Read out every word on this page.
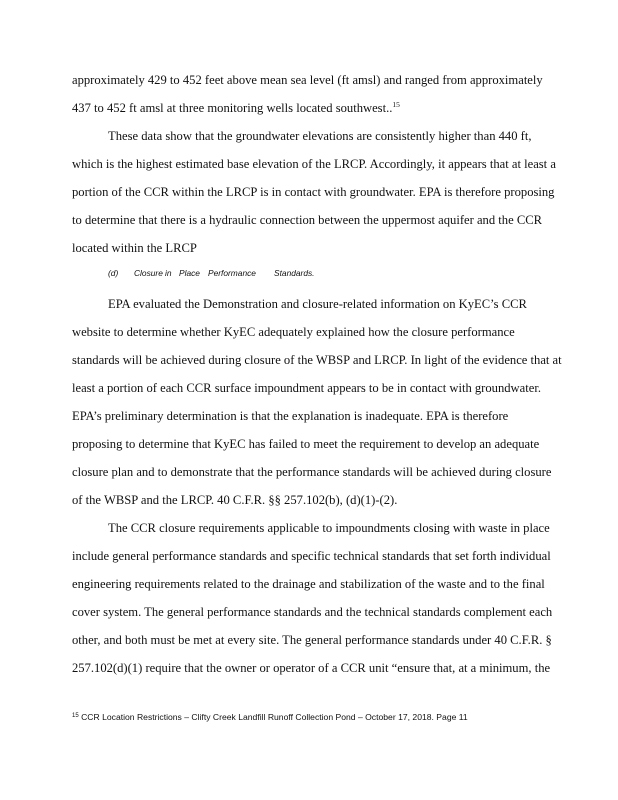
approximately 429 to 452 feet above mean sea level (ft amsl) and ranged from approximately
437 to 452 ft amsl at three monitoring wells located southwest..$^{15}$
These data show that the groundwater elevations are consistently higher than 440 ft,
which is the highest estimated base elevation of the LRCP. Accordingly, it appears that at least a
portion of the CCR within the LRCP is in contact with groundwater. EPA is therefore proposing
to determine that there is a hydraulic connection between the uppermost aquifer and the CCR
located within the LRCP
(d) Closure in Place Performance Standards.
EPA evaluated the Demonstration and closure-related information on KyEC’s CCR
website to determine whether KyEC adequately explained how the closure performance
standards will be achieved during closure of the WBSP and LRCP. In light of the evidence that at
least a portion of each CCR surface impoundment appears to be in contact with groundwater.
EPA’s preliminary determination is that the explanation is inadequate. EPA is therefore
proposing to determine that KyEC has failed to meet the requirement to develop an adequate
closure plan and to demonstrate that the performance standards will be achieved during closure
of the WBSP and the LRCP. 40 C.F.R. §§ 257.102(b), (d)(1)-(2).
The CCR closure requirements applicable to impoundments closing with waste in place
include general performance standards and specific technical standards that set forth individual
engineering requirements related to the drainage and stabilization of the waste and to the final
cover system. The general performance standards and the technical standards complement each
other, and both must be met at every site. The general performance standards under 40 C.F.R. §
257.102(d)(1) require that the owner or operator of a CCR unit “ensure that, at a minimum, the
$^{15}$ CCR Location Restrictions – Clifty Creek Landfill Runoff Collection Pond – October 17, 2018. Page 11
